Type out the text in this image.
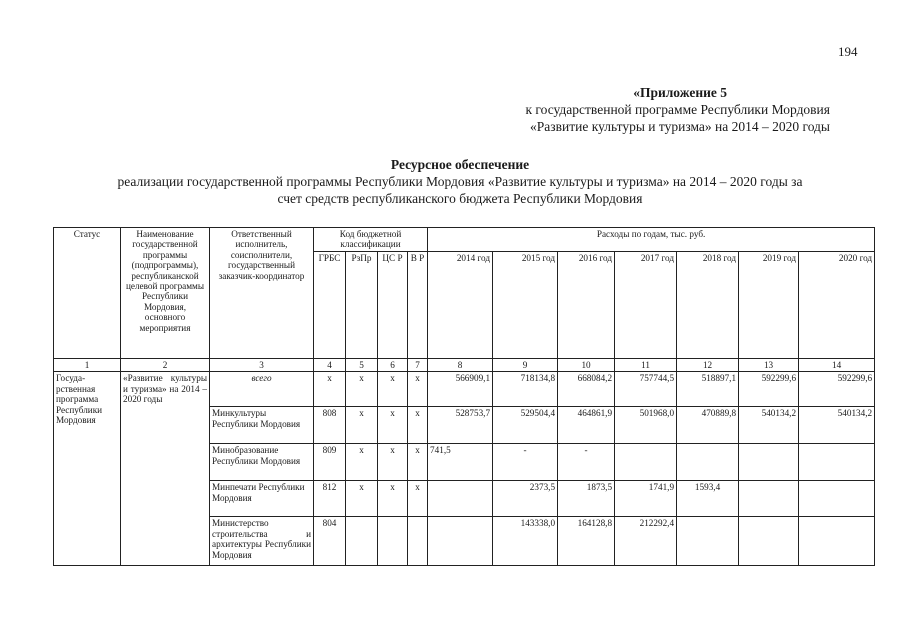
194
«Приложение 5
к государственной программе Республики Мордовия
«Развитие культуры и туризма» на 2014 – 2020 годы
Ресурсное обеспечение
реализации государственной программы Республики Мордовия «Развитие культуры и туризма» на 2014 – 2020 годы за
счет средств республиканского бюджета Республики Мордовия
Статус	Наименование государственной программы (подпрограммы), республиканской целевой программы Республики Мордовия, основного мероприятия	Ответственный исполнитель, соисполнители, государственный заказчик-координатор	Код бюджетной классификации				Расходы по годам, тыс. руб.						
			ГРБС	РзПр	ЦС Р	В Р	2014 год	2015 год	2016 год	2017 год	2018 год	2019 год	2020 год
1	2	3	4	5	6	7	8	9	10	11	12	13	14
Государственная программа Республики Мордовия	«Развитие культуры и туризма» на 2014 – 2020 годы	всего	х	х	х	х	566909,1	718134,8	668084,2	757744,5	518897,1	592299,6	592299,6
		Минкультуры Республики Мордовия	808	х	х	х	528753,7	529504,4	464861,9	501968,0	470889,8	540134,2	540134,2
		Минобразование Республики Мордовия	809	х	х	х	741,5	-	-				
		Минпечати Республики Мордовия	812	х	х	х		2373,5	1873,5	1741,9	1593,4		
		Министерство строительства и архитектуры Республики Мордовия	804					143338,0	164128,8	212292,4			
